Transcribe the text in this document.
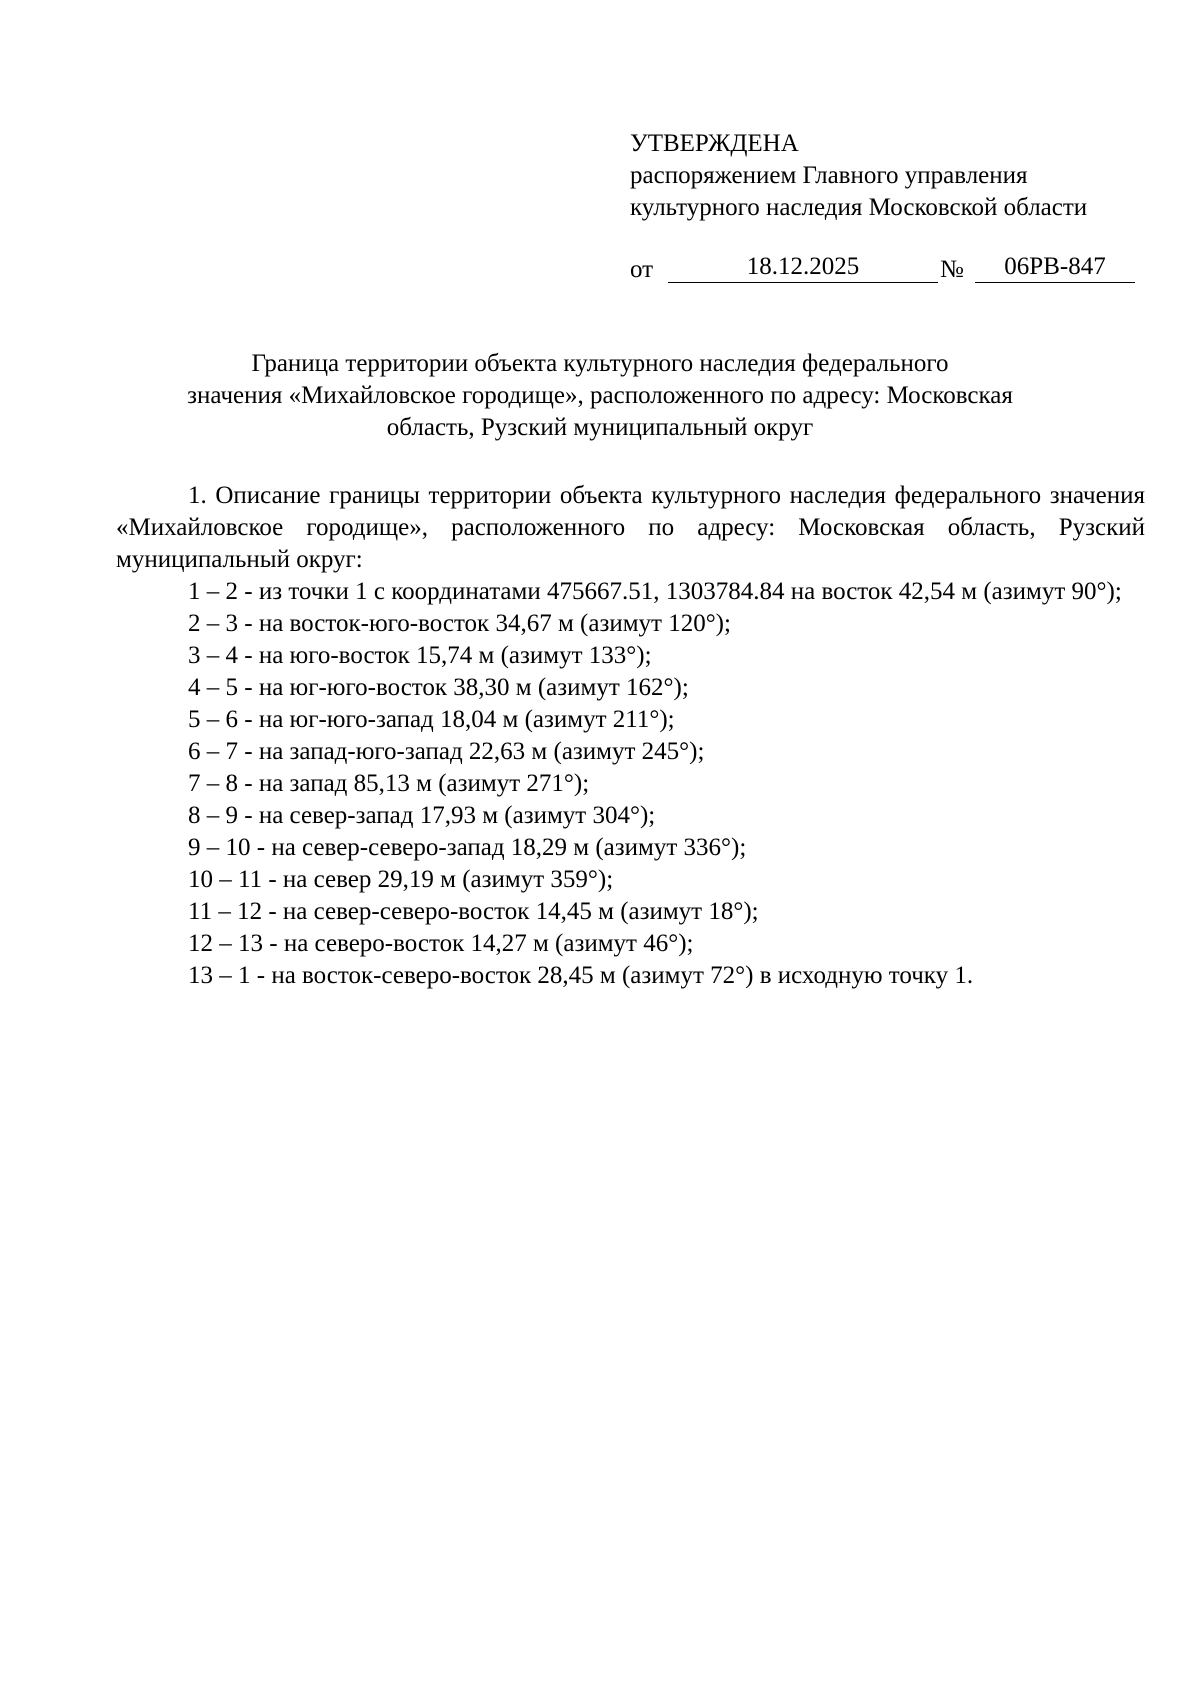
УТВЕРЖДЕНА
распоряжением Главного управления
культурного наследия Московской области
от	18.12.2025	№	06РВ-847
Граница территории объекта культурного наследия федерального
значения «Михайловское городище», расположенного по адресу: Московская
область, Рузский муниципальный округ
1. Описание границы территории объекта культурного наследия федерального значения «Михайловское городище», расположенного по адресу: Московская область, Рузский муниципальный округ:
1 – 2 - из точки 1 с координатами 475667.51, 1303784.84 на восток 42,54 м (азимут 90°);
2 – 3 - на восток-юго-восток 34,67 м (азимут 120°);
3 – 4 - на юго-восток 15,74 м (азимут 133°);
4 – 5 - на юг-юго-восток 38,30 м (азимут 162°);
5 – 6 - на юг-юго-запад 18,04 м (азимут 211°);
6 – 7 - на запад-юго-запад 22,63 м (азимут 245°);
7 – 8 - на запад 85,13 м (азимут 271°);
8 – 9 - на север-запад 17,93 м (азимут 304°);
9 – 10 - на север-северо-запад 18,29 м (азимут 336°);
10 – 11 - на север 29,19 м (азимут 359°);
11 – 12 - на север-северо-восток 14,45 м (азимут 18°);
12 – 13 - на северо-восток 14,27 м (азимут 46°);
13 – 1 - на восток-северо-восток 28,45 м (азимут 72°) в исходную точку 1.
